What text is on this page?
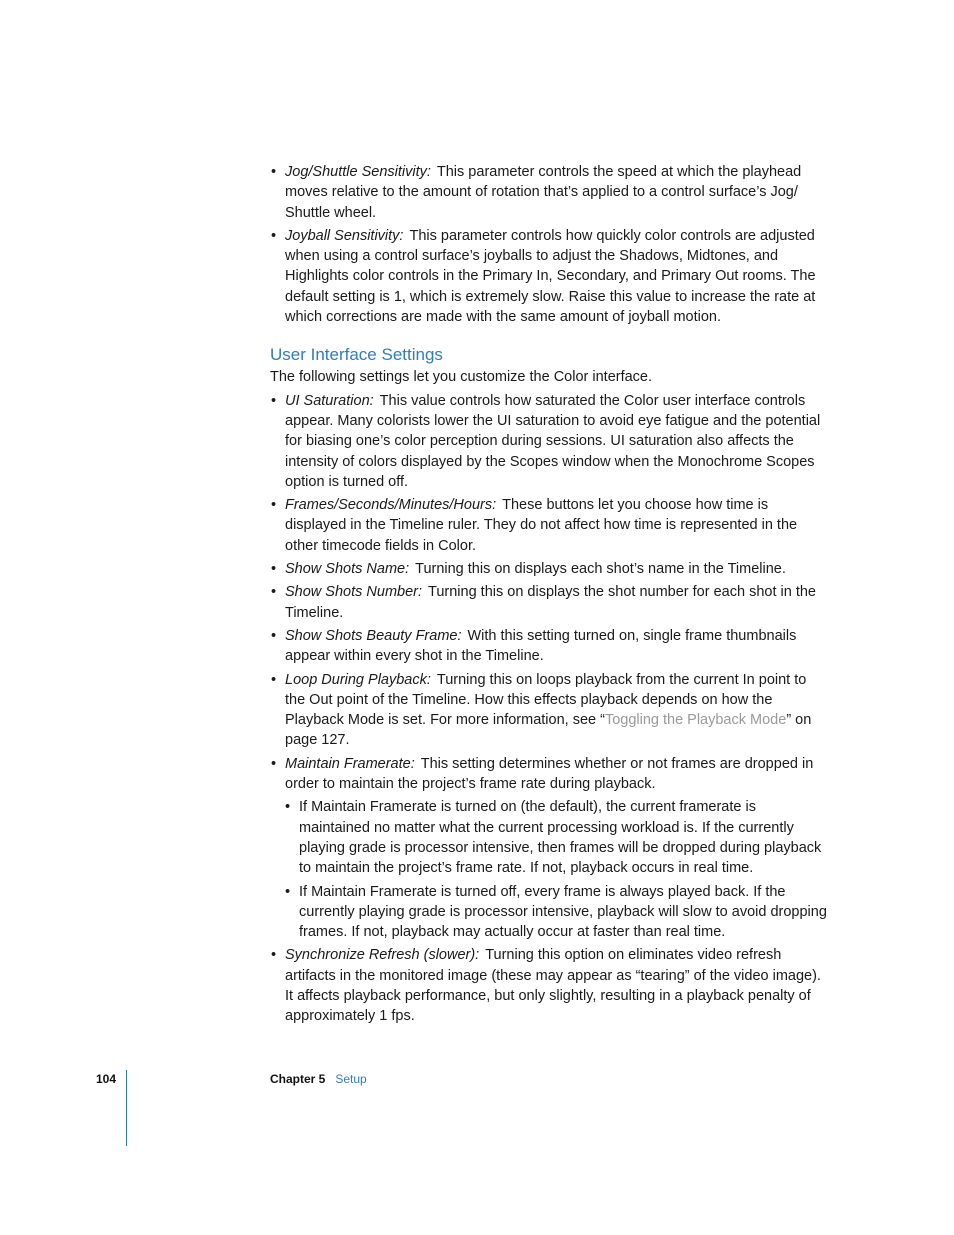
• Jog/Shuttle Sensitivity: This parameter controls the speed at which the playhead moves relative to the amount of rotation that’s applied to a control surface’s Jog/ Shuttle wheel.
• Joyball Sensitivity: This parameter controls how quickly color controls are adjusted when using a control surface’s joyballs to adjust the Shadows, Midtones, and Highlights color controls in the Primary In, Secondary, and Primary Out rooms. The default setting is 1, which is extremely slow. Raise this value to increase the rate at which corrections are made with the same amount of joyball motion.
User Interface Settings
The following settings let you customize the Color interface.
• UI Saturation: This value controls how saturated the Color user interface controls appear. Many colorists lower the UI saturation to avoid eye fatigue and the potential for biasing one’s color perception during sessions. UI saturation also affects the intensity of colors displayed by the Scopes window when the Monochrome Scopes option is turned off.
• Frames/Seconds/Minutes/Hours: These buttons let you choose how time is displayed in the Timeline ruler. They do not affect how time is represented in the other timecode fields in Color.
• Show Shots Name: Turning this on displays each shot’s name in the Timeline.
• Show Shots Number: Turning this on displays the shot number for each shot in the Timeline.
• Show Shots Beauty Frame: With this setting turned on, single frame thumbnails appear within every shot in the Timeline.
• Loop During Playback: Turning this on loops playback from the current In point to the Out point of the Timeline. How this effects playback depends on how the Playback Mode is set. For more information, see “Toggling the Playback Mode” on page 127.
• Maintain Framerate: This setting determines whether or not frames are dropped in order to maintain the project’s frame rate during playback.
• If Maintain Framerate is turned on (the default), the current framerate is maintained no matter what the current processing workload is. If the currently playing grade is processor intensive, then frames will be dropped during playback to maintain the project’s frame rate. If not, playback occurs in real time.
• If Maintain Framerate is turned off, every frame is always played back. If the currently playing grade is processor intensive, playback will slow to avoid dropping frames. If not, playback may actually occur at faster than real time.
• Synchronize Refresh (slower): Turning this option on eliminates video refresh artifacts in the monitored image (these may appear as “tearing” of the video image). It affects playback performance, but only slightly, resulting in a playback penalty of approximately 1 fps.
104	Chapter 5 Setup
